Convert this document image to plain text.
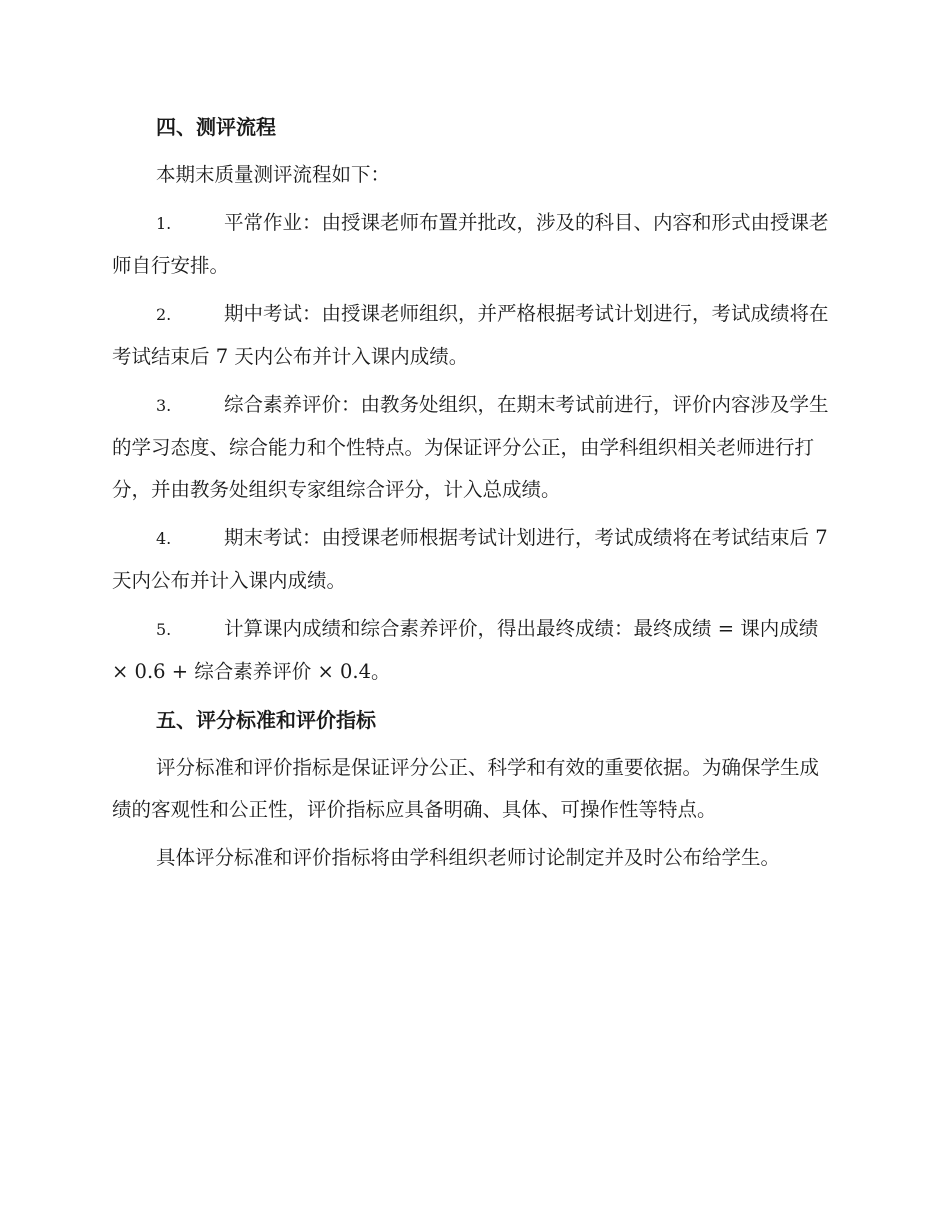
四、测评流程
本期末质量测评流程如下：
1.	平常作业：由授课老师布置并批改，涉及的科目、内容和形式由授课老师自行安排。
2.	期中考试：由授课老师组织，并严格根据考试计划进行，考试成绩将在考试结束后 7 天内公布并计入课内成绩。
3.	综合素养评价：由教务处组织，在期末考试前进行，评价内容涉及学生的学习态度、综合能力和个性特点。为保证评分公正，由学科组织相关老师进行打分，并由教务处组织专家组综合评分，计入总成绩。
4.	期末考试：由授课老师根据考试计划进行，考试成绩将在考试结束后 7 天内公布并计入课内成绩。
5.	计算课内成绩和综合素养评价，得出最终成绩：最终成绩 = 课内成绩 × 0.6 + 综合素养评价 × 0.4。
五、评分标准和评价指标
评分标准和评价指标是保证评分公正、科学和有效的重要依据。为确保学生成绩的客观性和公正性，评价指标应具备明确、具体、可操作性等特点。
具体评分标准和评价指标将由学科组织老师讨论制定并及时公布给学生。
